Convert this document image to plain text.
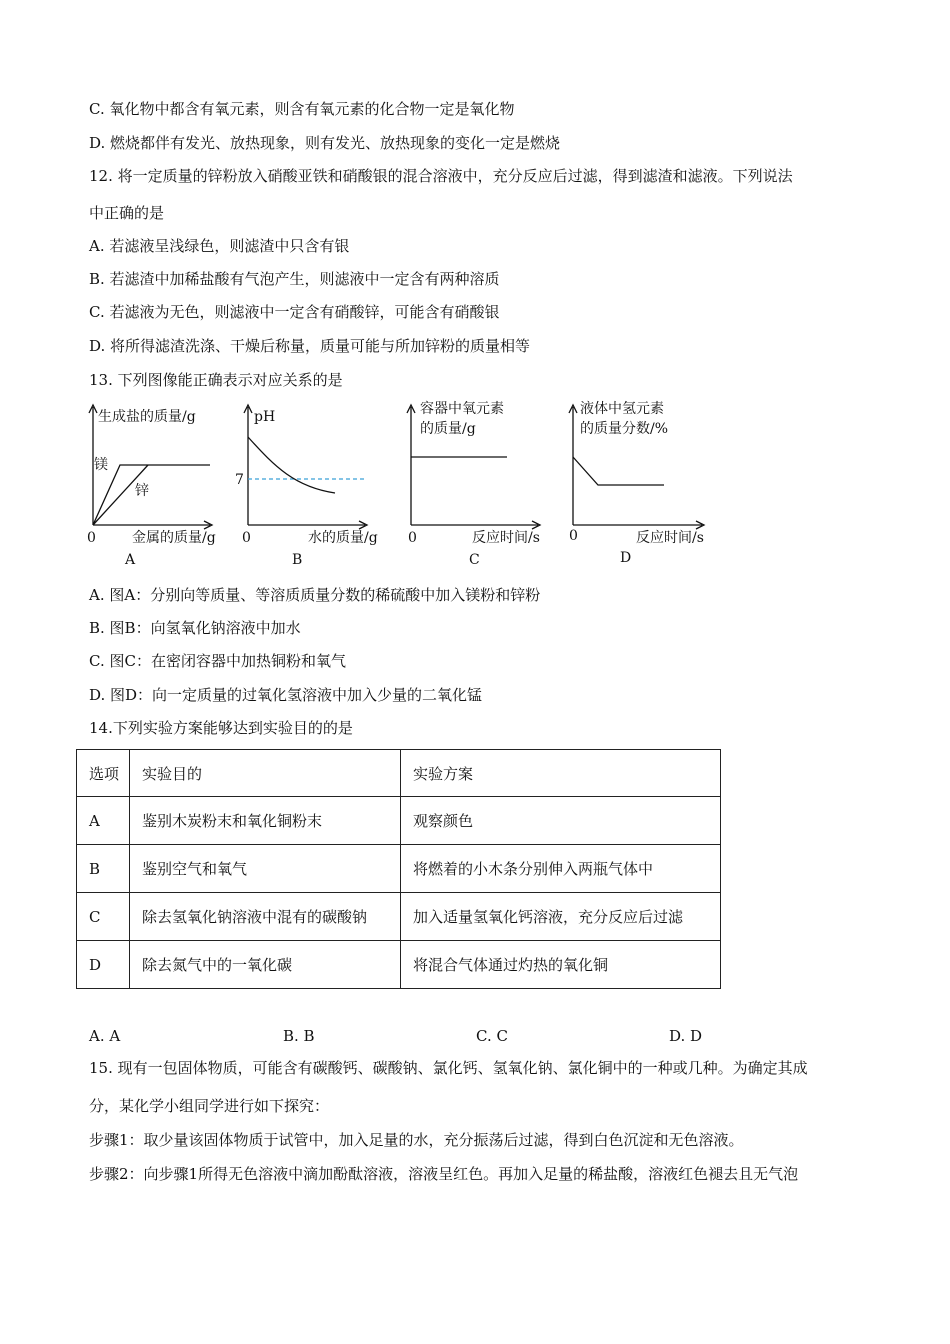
C. 氧化物中都含有氧元素，则含有氧元素的化合物一定是氧化物
D. 燃烧都伴有发光、放热现象，则有发光、放热现象的变化一定是燃烧
12. 将一定质量的锌粉放入硝酸亚铁和硝酸银的混合溶液中，充分反应后过滤，得到滤渣和滤液。下列说法
中正确的是
A. 若滤液呈浅绿色，则滤渣中只含有银
B. 若滤渣中加稀盐酸有气泡产生，则滤液中一定含有两种溶质
C. 若滤液为无色，则滤液中一定含有硝酸锌，可能含有硝酸银
D. 将所得滤渣洗涤、干燥后称量，质量可能与所加锌粉的质量相等
13. 下列图像能正确表示对应关系的是
生成盐的质量/g
镁
锌
0	金属的质量/g
A
pH
7
0	水的质量/g
B
容器中氧元素
的质量/g
0	反应时间/s
C
液体中氢元素
的质量分数/%
0	反应时间/s
D
A. 图A：分别向等质量、等溶质质量分数的稀硫酸中加入镁粉和锌粉
B. 图B：向氢氧化钠溶液中加水
C. 图C：在密闭容器中加热铜粉和氧气
D. 图D：向一定质量的过氧化氢溶液中加入少量的二氧化锰
14.下列实验方案能够达到实验目的的是
选项	实验目的	实验方案
A	鉴别木炭粉末和氧化铜粉末	观察颜色
B	鉴别空气和氧气	将燃着的小木条分别伸入两瓶气体中
C	除去氢氧化钠溶液中混有的碳酸钠	加入适量氢氧化钙溶液，充分反应后过滤
D	除去氮气中的一氧化碳	将混合气体通过灼热的氧化铜
A. A	B. B	C. C	D. D
15. 现有一包固体物质，可能含有碳酸钙、碳酸钠、氯化钙、氢氧化钠、氯化铜中的一种或几种。为确定其成
分，某化学小组同学进行如下探究：
步骤1：取少量该固体物质于试管中，加入足量的水，充分振荡后过滤，得到白色沉淀和无色溶液。
步骤2：向步骤1所得无色溶液中滴加酚酞溶液，溶液呈红色。再加入足量的稀盐酸，溶液红色褪去且无气泡
